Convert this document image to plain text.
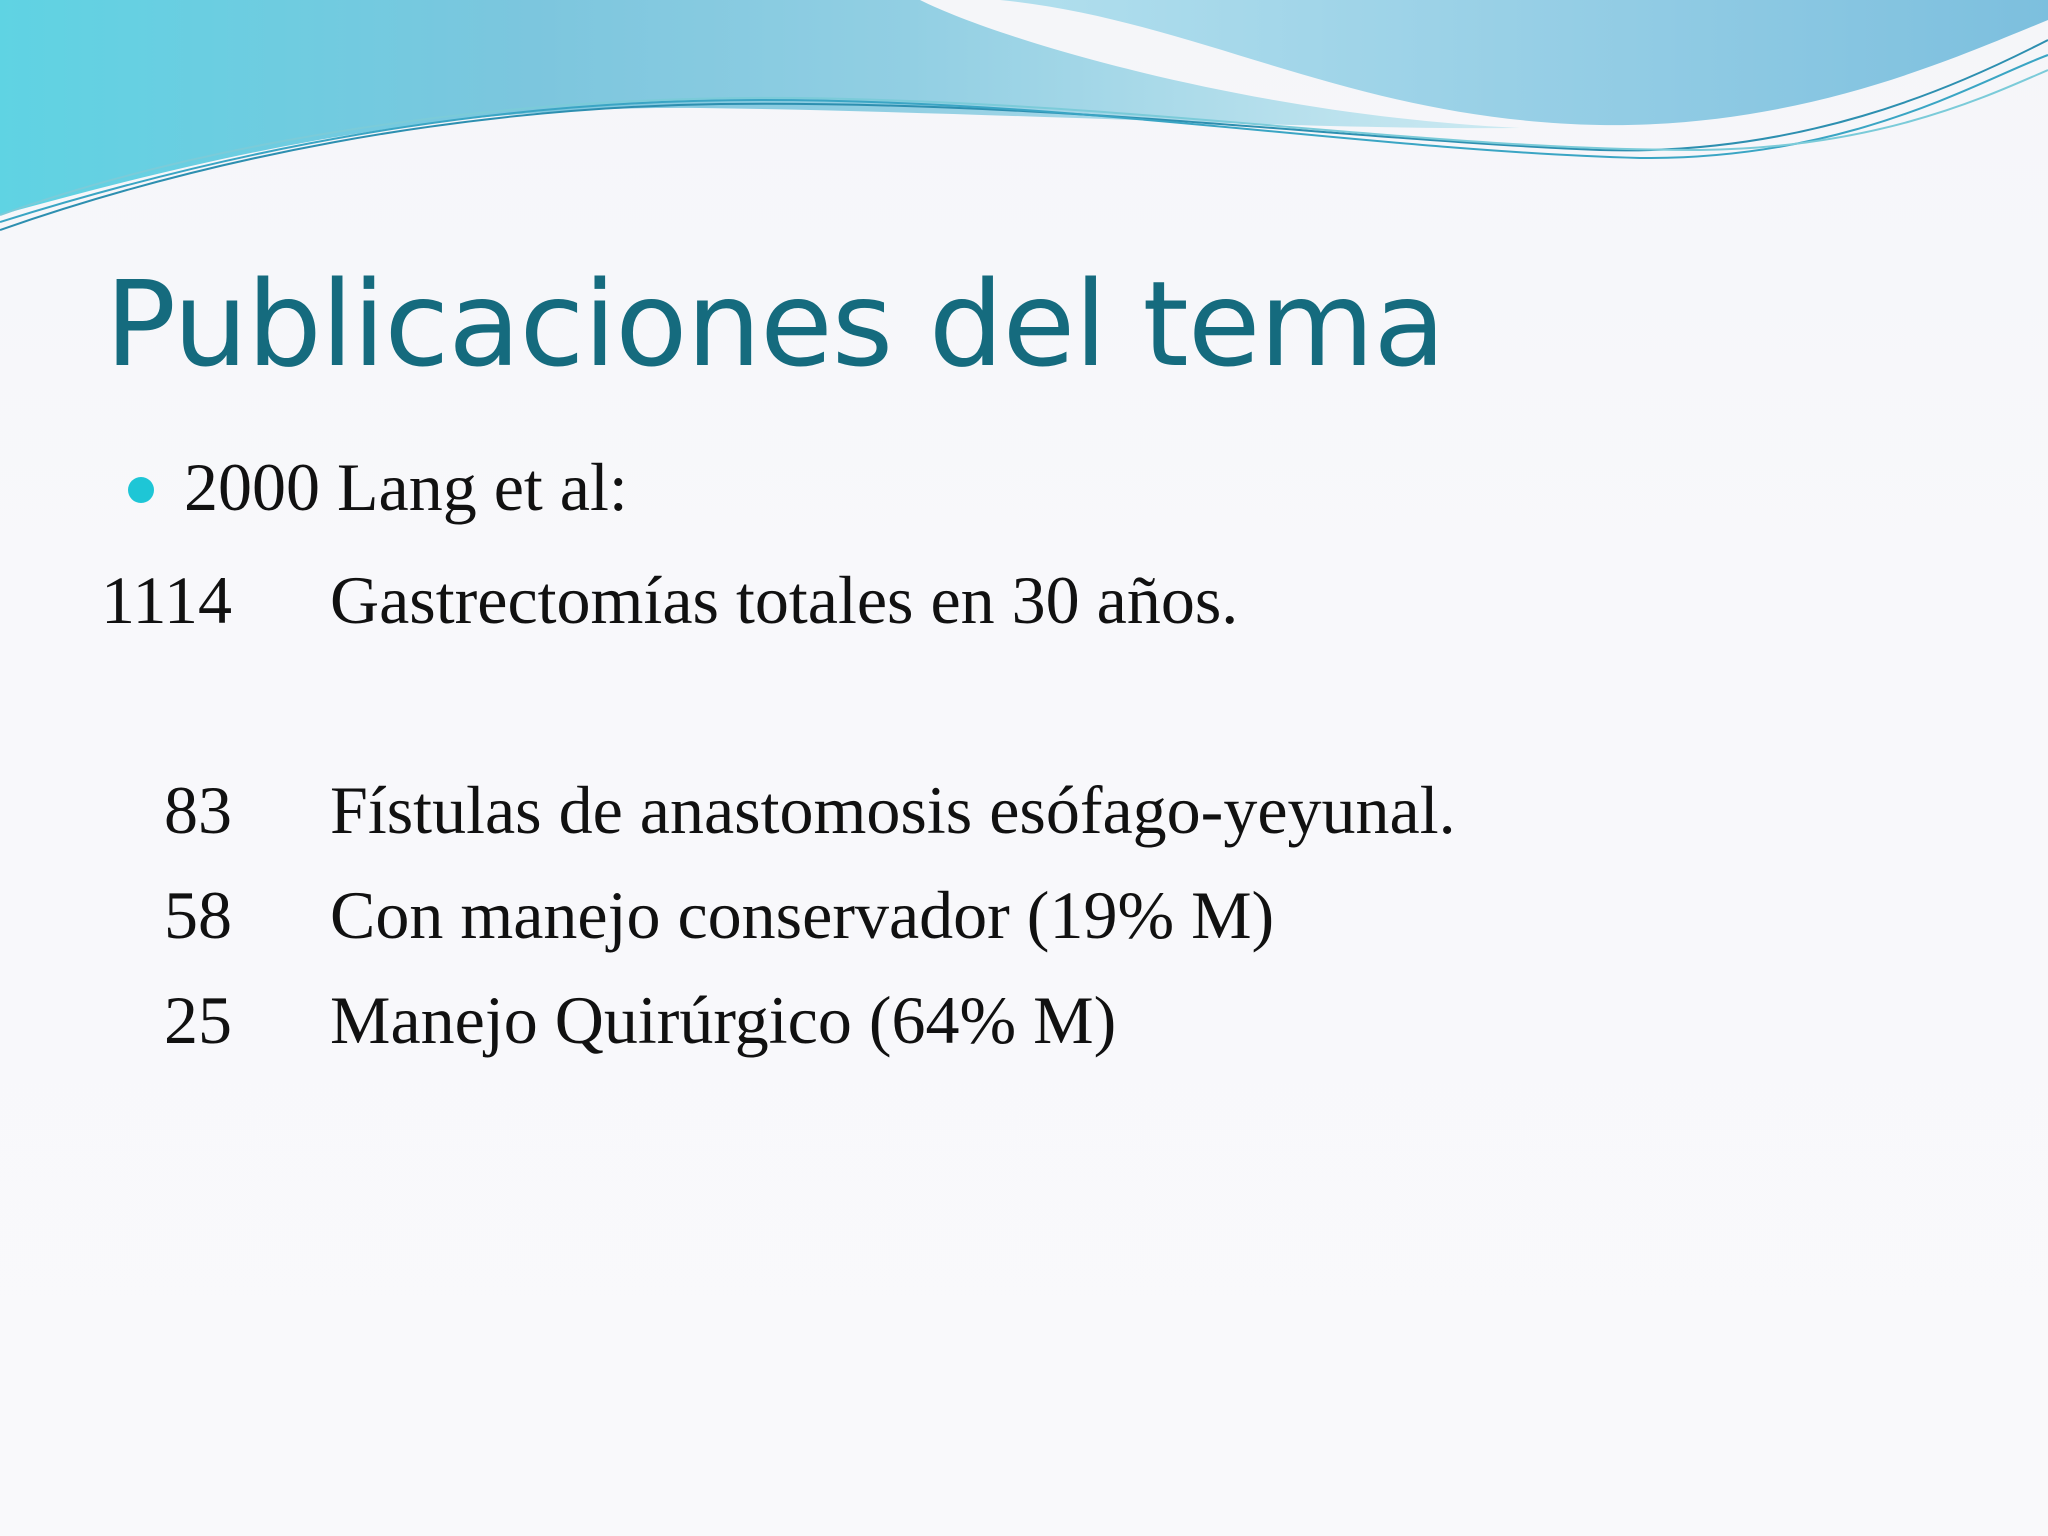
Publicaciones del tema
2000 Lang et al:
1114 Gastrectomías totales en 30 años.
83 Fístulas de anastomosis esófago-yeyunal.
58 Con manejo conservador (19% M)
25 Manejo Quirúrgico (64% M)
